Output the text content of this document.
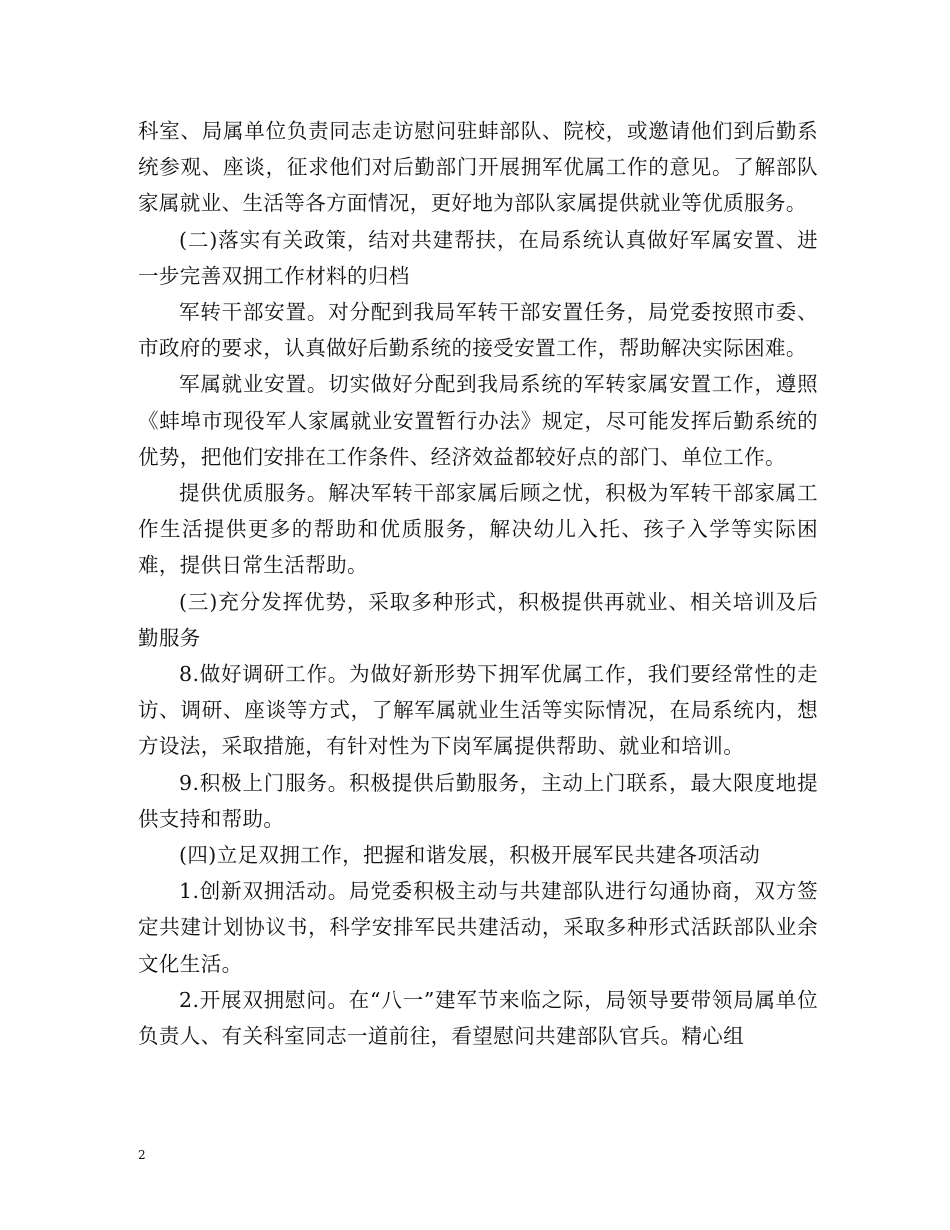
科室、局属单位负责同志走访慰问驻蚌部队、院校，或邀请他们到后勤系统参观、座谈，征求他们对后勤部门开展拥军优属工作的意见。了解部队家属就业、生活等各方面情况，更好地为部队家属提供就业等优质服务。

(二)落实有关政策，结对共建帮扶，在局系统认真做好军属安置、进一步完善双拥工作材料的归档

军转干部安置。对分配到我局军转干部安置任务，局党委按照市委、市政府的要求，认真做好后勤系统的接受安置工作，帮助解决实际困难。

军属就业安置。切实做好分配到我局系统的军转家属安置工作，遵照《蚌埠市现役军人家属就业安置暂行办法》规定，尽可能发挥后勤系统的优势，把他们安排在工作条件、经济效益都较好点的部门、单位工作。

提供优质服务。解决军转干部家属后顾之忧，积极为军转干部家属工作生活提供更多的帮助和优质服务，解决幼儿入托、孩子入学等实际困难，提供日常生活帮助。

(三)充分发挥优势，采取多种形式，积极提供再就业、相关培训及后勤服务

8.做好调研工作。为做好新形势下拥军优属工作，我们要经常性的走访、调研、座谈等方式，了解军属就业生活等实际情况，在局系统内，想方设法，采取措施，有针对性为下岗军属提供帮助、就业和培训。

9.积极上门服务。积极提供后勤服务，主动上门联系，最大限度地提供支持和帮助。

(四)立足双拥工作，把握和谐发展，积极开展军民共建各项活动

1.创新双拥活动。局党委积极主动与共建部队进行勾通协商，双方签定共建计划协议书，科学安排军民共建活动，采取多种形式活跃部队业余文化生活。

2.开展双拥慰问。在“八一”建军节来临之际，局领导要带领局属单位负责人、有关科室同志一道前往，看望慰问共建部队官兵。精心组

2
